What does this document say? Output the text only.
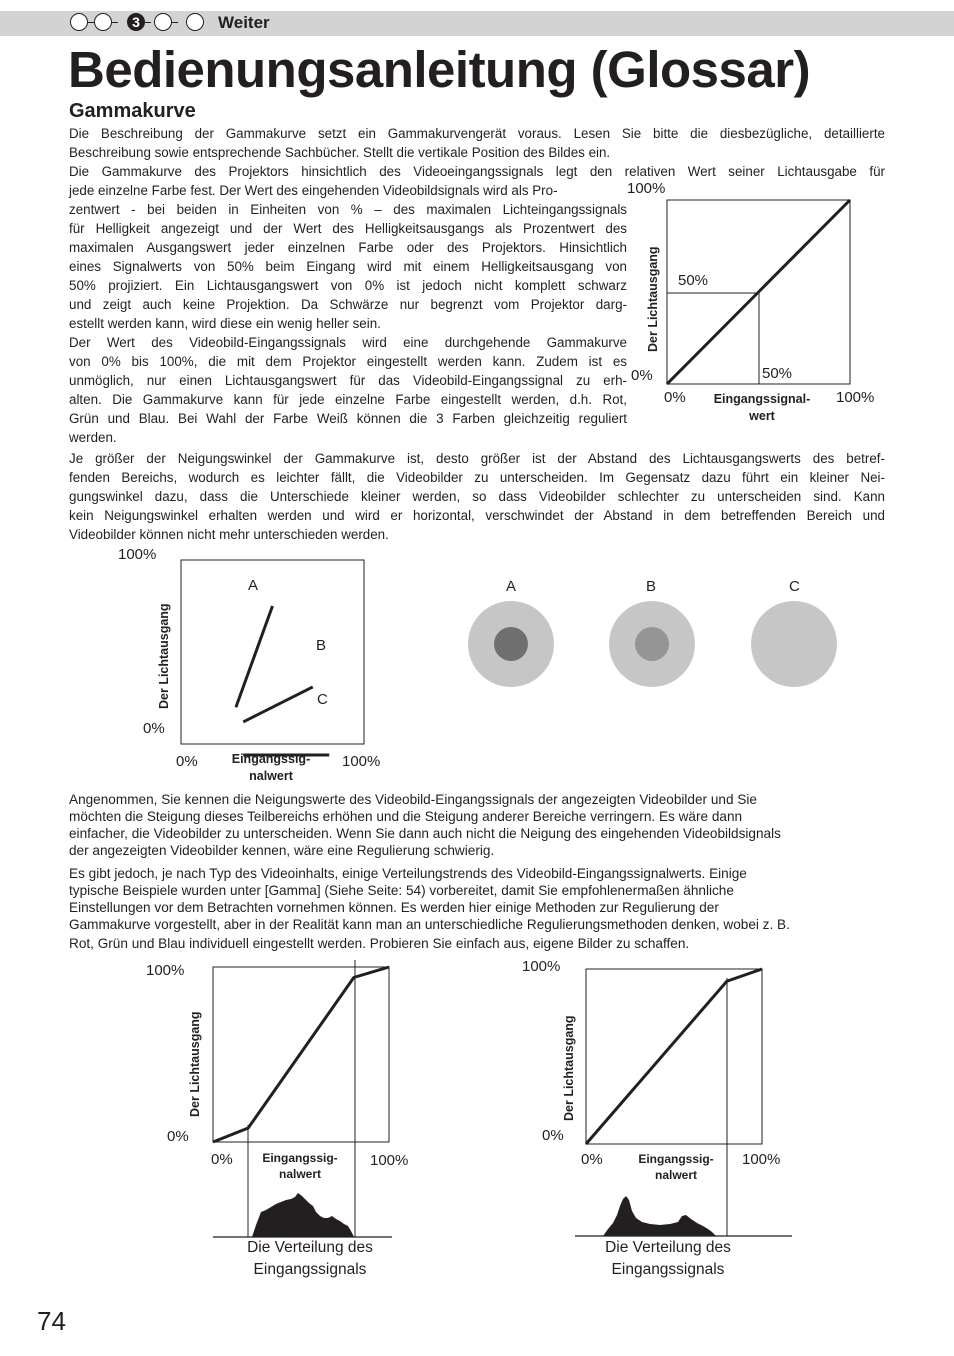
3	Weiter
Bedienungsanleitung (Glossar)
Gammakurve
Die Beschreibung der Gammakurve setzt ein Gammakurvengerät voraus. Lesen Sie bitte die diesbezügliche, detaillierte
Beschreibung sowie entsprechende Sachbücher. Stellt die vertikale Position des Bildes ein.
Die Gammakurve des Projektors hinsichtlich des Videoeingangssignals legt den relativen Wert seiner Lichtausgabe für
jede einzelne Farbe fest. Der Wert des eingehenden Videobildsignals wird als Pro-
zentwert - bei beiden in Einheiten von % – des maximalen Lichteingangssignals
für Helligkeit angezeigt und der Wert des Helligkeitsausgangs als Prozentwert des
maximalen Ausgangswert jeder einzelnen Farbe oder des Projektors. Hinsichtlich
eines Signalwerts von 50% beim Eingang wird mit einem Helligkeitsausgang von
50% projiziert. Ein Lichtausgangswert von 0% ist jedoch nicht komplett schwarz
und zeigt auch keine Projektion. Da Schwärze nur begrenzt vom Projektor darg-
estellt werden kann, wird diese ein wenig heller sein.
Der Wert des Videobild-Eingangssignals wird eine durchgehende Gammakurve
von 0% bis 100%, die mit dem Projektor eingestellt werden kann. Zudem ist es
unmöglich, nur einen Lichtausgangswert für das Videobild-Eingangssignal zu erh-
alten. Die Gammakurve kann für jede einzelne Farbe eingestellt werden, d.h. Rot,
Grün und Blau. Bei Wahl der Farbe Weiß können die 3 Farben gleichzeitig reguliert
werden.
100%
50%
0%	50%
0%	100%
Eingangssignal-
wert
Der Lichtausgang
Je größer der Neigungswinkel der Gammakurve ist, desto größer ist der Abstand des Lichtausgangswerts des betref-
fenden Bereichs, wodurch es leichter fällt, die Videobilder zu unterscheiden. Im Gegensatz dazu führt ein kleiner Nei-
gungswinkel dazu, dass die Unterschiede kleiner werden, so dass Videobilder schlechter zu unterscheiden sind. Kann
kein Neigungswinkel erhalten werden und wird er horizontal, verschwindet der Abstand in dem betreffenden Bereich und
Videobilder können nicht mehr unterschieden werden.
100%
0%
0%	100%
A
B
C
Eingangssig-
nalwert
Der Lichtausgang
A	B	C
Angenommen, Sie kennen die Neigungswerte des Videobild-Eingangssignals der angezeigten Videobilder und Sie
möchten die Steigung dieses Teilbereichs erhöhen und die Steigung anderer Bereiche verringern. Es wäre dann
einfacher, die Videobilder zu unterscheiden. Wenn Sie dann auch nicht die Neigung des eingehenden Videobildsignals
der angezeigten Videobilder kennen, wäre eine Regulierung schwierig.
Es gibt jedoch, je nach Typ des Videoinhalts, einige Verteilungstrends des Videobild-Eingangssignalwerts. Einige
typische Beispiele wurden unter [Gamma] (Siehe Seite: 54) vorbereitet, damit Sie empfohlenermaßen ähnliche
Einstellungen vor dem Betrachten vornehmen können. Es werden hier einige Methoden zur Regulierung der
Gammakurve vorgestellt, aber in der Realität kann man an unterschiedliche Regulierungsmethoden denken, wobei z. B.
Rot, Grün und Blau individuell eingestellt werden. Probieren Sie einfach aus, eigene Bilder zu schaffen.
100%
0%
0%	100%
Eingangssig-
nalwert
Der Lichtausgang
Die Verteilung des
Eingangssignals
100%
0%
0%	100%
Eingangssig-
nalwert
Der Lichtausgang
Die Verteilung des
Eingangssignals
74
